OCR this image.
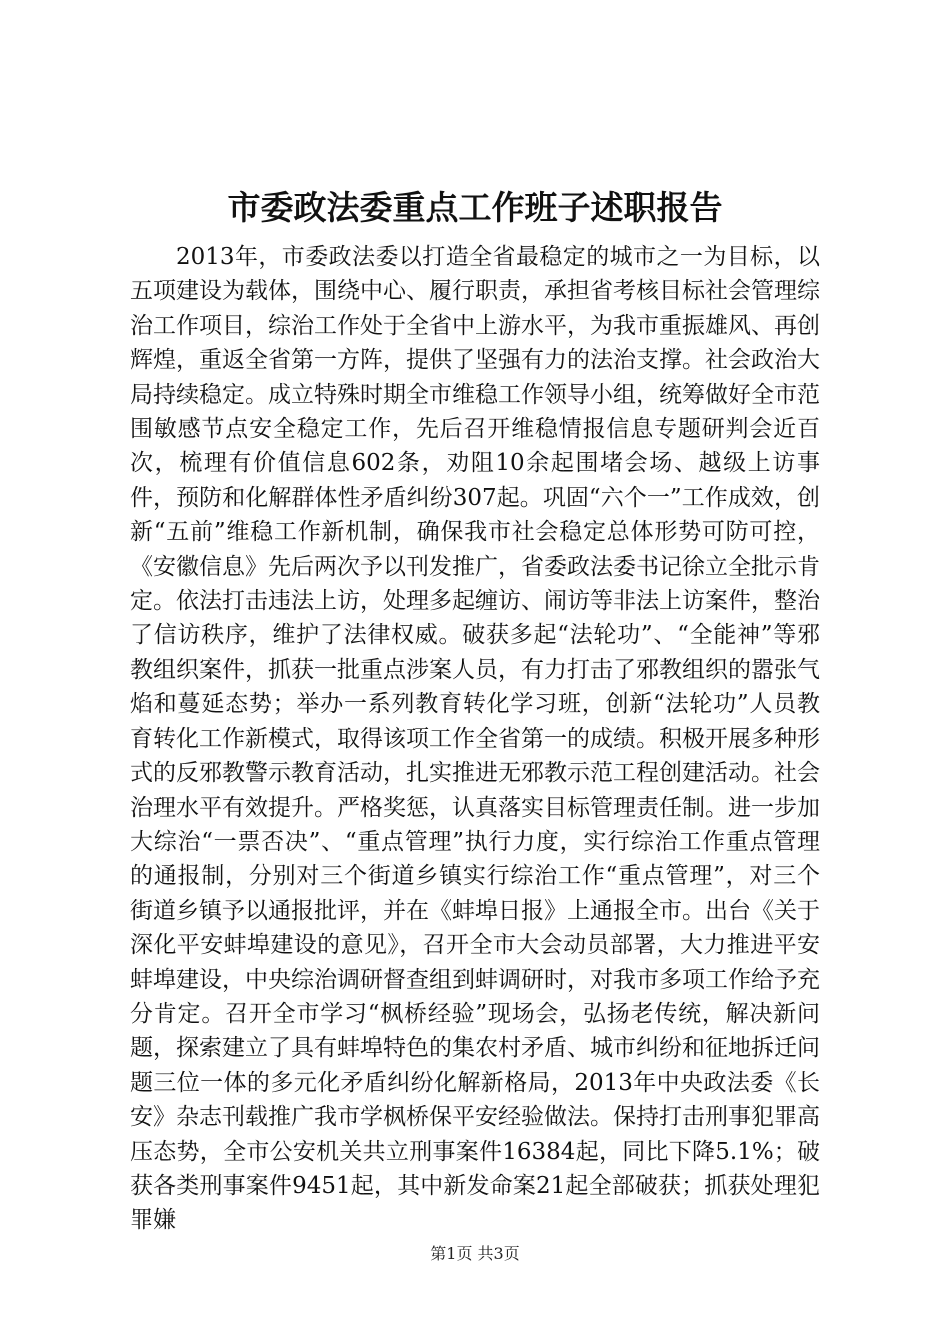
市委政法委重点工作班子述职报告

2013年，市委政法委以打造全省最稳定的城市之一为目标，以五项建设为载体，围绕中心、履行职责，承担省考核目标社会管理综治工作项目，综治工作处于全省中上游水平，为我市重振雄风、再创辉煌，重返全省第一方阵，提供了坚强有力的法治支撑。社会政治大局持续稳定。成立特殊时期全市维稳工作领导小组，统筹做好全市范围敏感节点安全稳定工作，先后召开维稳情报信息专题研判会近百次，梳理有价值信息602条，劝阻10余起围堵会场、越级上访事件，预防和化解群体性矛盾纠纷307起。巩固“六个一”工作成效，创新“五前”维稳工作新机制，确保我市社会稳定总体形势可防可控，《安徽信息》先后两次予以刊发推广，省委政法委书记徐立全批示肯定。依法打击违法上访，处理多起缠访、闹访等非法上访案件，整治了信访秩序，维护了法律权威。破获多起“法轮功”、“全能神”等邪教组织案件，抓获一批重点涉案人员，有力打击了邪教组织的嚣张气焰和蔓延态势；举办一系列教育转化学习班，创新“法轮功”人员教育转化工作新模式，取得该项工作全省第一的成绩。积极开展多种形式的反邪教警示教育活动，扎实推进无邪教示范工程创建活动。社会治理水平有效提升。严格奖惩，认真落实目标管理责任制。进一步加大综治“一票否决”、“重点管理”执行力度，实行综治工作重点管理的通报制，分别对三个街道乡镇实行综治工作“重点管理”，对三个街道乡镇予以通报批评，并在《蚌埠日报》上通报全市。出台《关于深化平安蚌埠建设的意见》，召开全市大会动员部署，大力推进平安蚌埠建设，中央综治调研督查组到蚌调研时，对我市多项工作给予充分肯定。召开全市学习“枫桥经验”现场会，弘扬老传统，解决新问题，探索建立了具有蚌埠特色的集农村矛盾、城市纠纷和征地拆迁问题三位一体的多元化矛盾纠纷化解新格局，2013年中央政法委《长安》杂志刊载推广我市学枫桥保平安经验做法。保持打击刑事犯罪高压态势，全市公安机关共立刑事案件16384起，同比下降5.1%；破获各类刑事案件9451起，其中新发命案21起全部破获；抓获处理犯罪嫌

第1页 共3页
